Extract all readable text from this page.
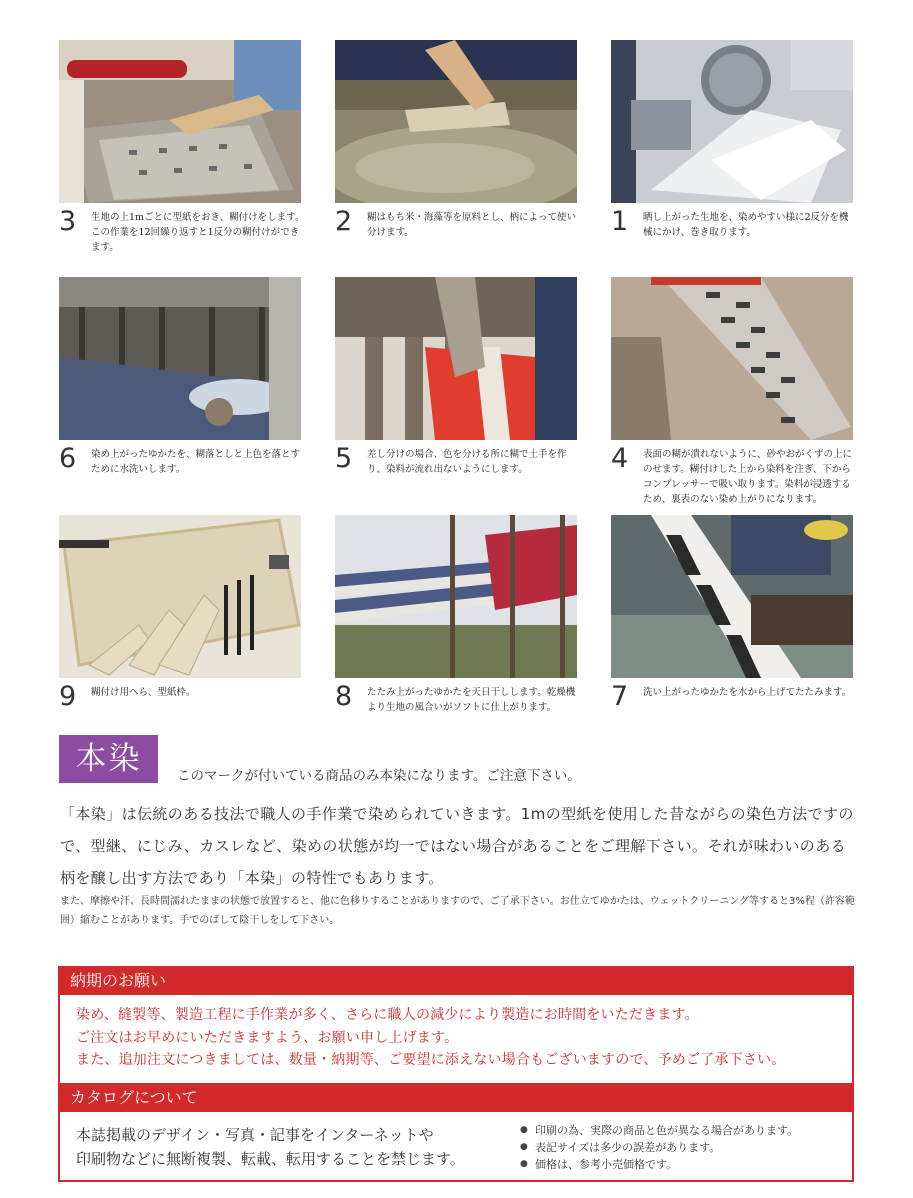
3 生地の上1mごとに型紙をおき、糊付けをします。この作業を12回繰り返すと1反分の糊付けができます。
2 糊はもち米・海藻等を原料とし、柄によって使い分けます。	1 晒し上がった生地を、染めやすい様に2反分を機械にかけ、巻き取ります。
6 染め上がったゆかたを、糊落としと上色を落とすために水洗いします。	5 差し分けの場合、色を分ける所に糊で土手を作り、染料が流れ出ないようにします。	4 表面の糊が潰れないように、砂やおがくずの上にのせます。糊付けした上から染料を注ぎ、下からコンプレッサーで吸い取ります。染料が浸透するため、裏表のない染め上がりになります。
9 糊付け用へら、型紙枠。	8 たたみ上がったゆかたを天日干しします。乾燥機より生地の風合いがソフトに仕上がります。	7 洗い上がったゆかたを水から上げてたたみます。
本染	このマークが付いている商品のみ本染になります。ご注意下さい。
「本染」は伝統のある技法で職人の手作業で染められていきます。1mの型紙を使用した昔ながらの染色方法ですので、型継、にじみ、カスレなど、染めの状態が均一ではない場合があることをご理解下さい。それが味わいのある柄を醸し出す方法であり「本染」の特性でもあります。
また、摩擦や汗、長時間濡れたままの状態で放置すると、他に色移りすることがありますので、ご了承下さい。お仕立てゆかたは、ウェットクリーニング等すると3%程（許容範囲）縮むことがあります。手でのばして陰干しをして下さい。
納期のお願い
染め、縫製等、製造工程に手作業が多く、さらに職人の減少により製造にお時間をいただきます。
ご注文はお早めにいただきますよう、お願い申し上げます。
また、追加注文につきましては、数量・納期等、ご要望に添えない場合もございますので、予めご了承下さい。
カタログについて
本誌掲載のデザイン・写真・記事をインターネットや
印刷物などに無断複製、転載、転用することを禁じます。
● 印刷の為、実際の商品と色が異なる場合があります。
● 表記サイズは多少の誤差があります。
● 価格は、参考小売価格です。
